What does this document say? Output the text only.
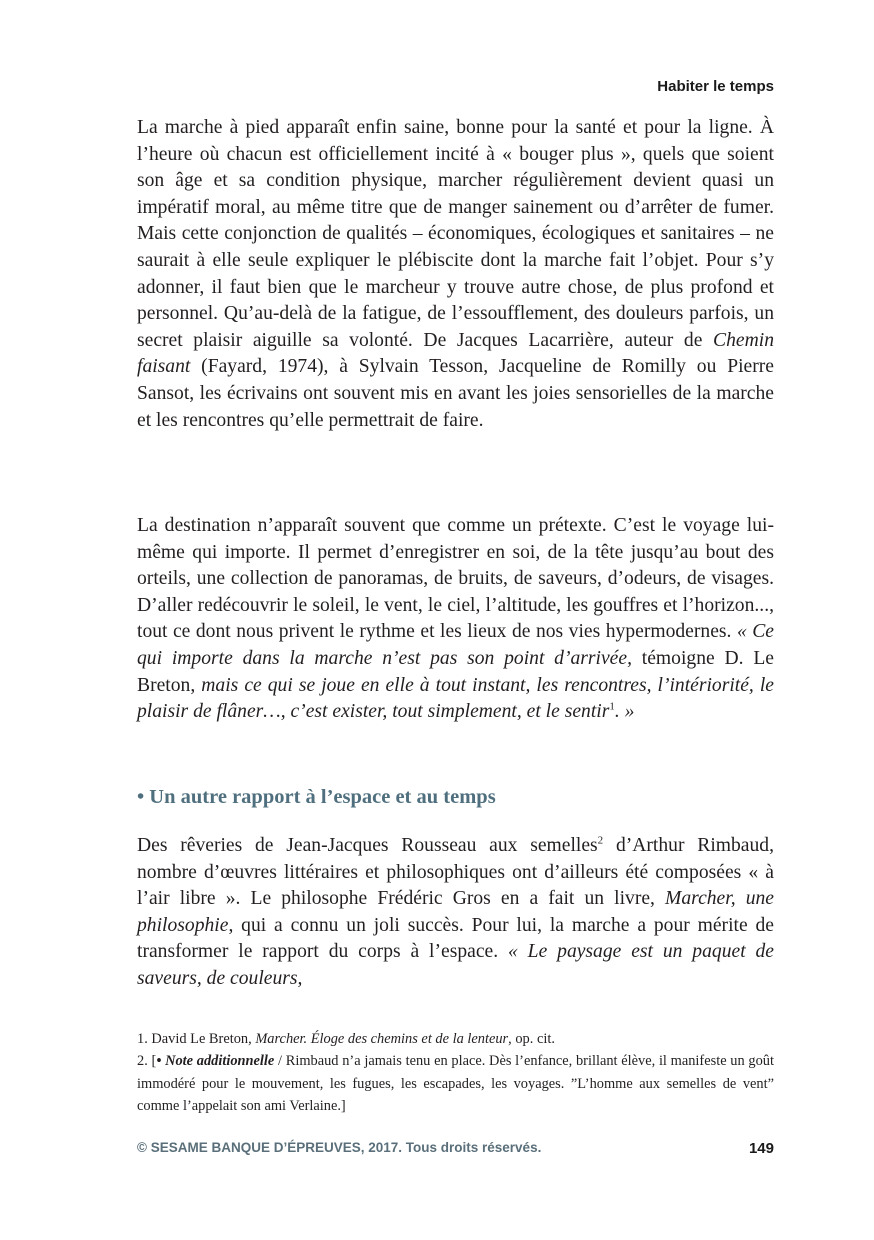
Habiter le temps

La marche à pied apparaît enfin saine, bonne pour la santé et pour la ligne. À l’heure où chacun est officiellement incité à « bouger plus », quels que soient son âge et sa condition physique, marcher régulièrement devient quasi un impératif moral, au même titre que de manger sainement ou d’arrêter de fumer. Mais cette conjonction de qualités – économiques, écologiques et sanitaires – ne saurait à elle seule expliquer le plébiscite dont la marche fait l’objet. Pour s’y adonner, il faut bien que le marcheur y trouve autre chose, de plus profond et personnel. Qu’au-delà de la fatigue, de l’essoufflement, des douleurs parfois, un secret plaisir aiguille sa volonté. De Jacques Lacarrière, auteur de Chemin faisant (Fayard, 1974), à Sylvain Tesson, Jacqueline de Romilly ou Pierre Sansot, les écrivains ont souvent mis en avant les joies sensorielles de la marche et les rencontres qu’elle permettrait de faire.

La destination n’apparaît souvent que comme un prétexte. C’est le voyage lui-même qui importe. Il permet d’enregistrer en soi, de la tête jusqu’au bout des orteils, une collection de panoramas, de bruits, de saveurs, d’odeurs, de visages. D’aller redécouvrir le soleil, le vent, le ciel, l’altitude, les gouffres et l’horizon..., tout ce dont nous privent le rythme et les lieux de nos vies hypermodernes. « Ce qui importe dans la marche n’est pas son point d’arrivée, témoigne D. Le Breton, mais ce qui se joue en elle à tout instant, les rencontres, l’intériorité, le plaisir de flâner…, c’est exister, tout simplement, et le sentir$^1$. »

• Un autre rapport à l’espace et au temps

Des rêveries de Jean-Jacques Rousseau aux semelles$^2$ d’Arthur Rimbaud, nombre d’œuvres littéraires et philosophiques ont d’ailleurs été composées « à l’air libre ». Le philosophe Frédéric Gros en a fait un livre, Marcher, une philosophie, qui a connu un joli succès. Pour lui, la marche a pour mérite de transformer le rapport du corps à l’espace. « Le paysage est un paquet de saveurs, de couleurs,

1. David Le Breton, Marcher. Éloge des chemins et de la lenteur, op. cit.

2. [• Note additionnelle / Rimbaud n’a jamais tenu en place. Dès l’enfance, brillant élève, il manifeste un goût immodéré pour le mouvement, les fugues, les escapades, les voyages. ”L’homme aux semelles de vent” comme l’appelait son ami Verlaine.]

© SESAME BANQUE D’ÉPREUVES, 2017. Tous droits réservés.	149
